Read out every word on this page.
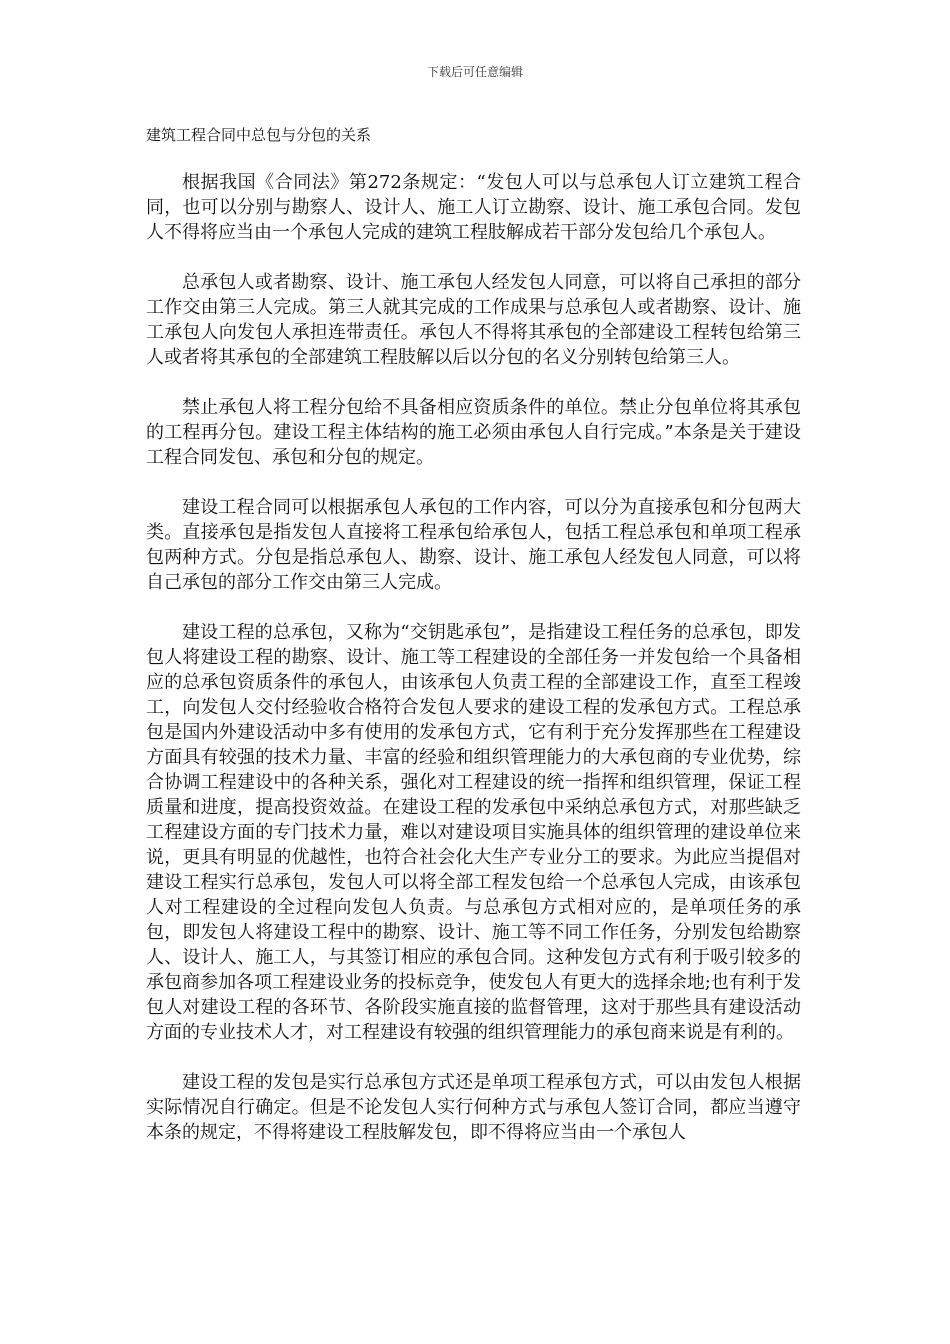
下载后可任意编辑
建筑工程合同中总包与分包的关系

根据我国《合同法》第272条规定：“发包人可以与总承包人订立建筑工程合同，也可以分别与勘察人、设计人、施工人订立勘察、设计、施工承包合同。发包人不得将应当由一个承包人完成的建筑工程肢解成若干部分发包给几个承包人。

总承包人或者勘察、设计、施工承包人经发包人同意，可以将自己承担的部分工作交由第三人完成。第三人就其完成的工作成果与总承包人或者勘察、设计、施工承包人向发包人承担连带责任。承包人不得将其承包的全部建设工程转包给第三人或者将其承包的全部建筑工程肢解以后以分包的名义分别转包给第三人。

禁止承包人将工程分包给不具备相应资质条件的单位。禁止分包单位将其承包的工程再分包。建设工程主体结构的施工必须由承包人自行完成。”本条是关于建设工程合同发包、承包和分包的规定。

建设工程合同可以根据承包人承包的工作内容，可以分为直接承包和分包两大类。直接承包是指发包人直接将工程承包给承包人，包括工程总承包和单项工程承包两种方式。分包是指总承包人、勘察、设计、施工承包人经发包人同意，可以将自己承包的部分工作交由第三人完成。

建设工程的总承包，又称为“交钥匙承包”，是指建设工程任务的总承包，即发包人将建设工程的勘察、设计、施工等工程建设的全部任务一并发包给一个具备相应的总承包资质条件的承包人，由该承包人负责工程的全部建设工作，直至工程竣工，向发包人交付经验收合格符合发包人要求的建设工程的发承包方式。工程总承包是国内外建设活动中多有使用的发承包方式，它有利于充分发挥那些在工程建设方面具有较强的技术力量、丰富的经验和组织管理能力的大承包商的专业优势，综合协调工程建设中的各种关系，强化对工程建设的统一指挥和组织管理，保证工程质量和进度，提高投资效益。在建设工程的发承包中采纳总承包方式，对那些缺乏工程建设方面的专门技术力量，难以对建设项目实施具体的组织管理的建设单位来说，更具有明显的优越性，也符合社会化大生产专业分工的要求。为此应当提倡对建设工程实行总承包，发包人可以将全部工程发包给一个总承包人完成，由该承包人对工程建设的全过程向发包人负责。与总承包方式相对应的，是单项任务的承包，即发包人将建设工程中的勘察、设计、施工等不同工作任务，分别发包给勘察人、设计人、施工人，与其签订相应的承包合同。这种发包方式有利于吸引较多的承包商参加各项工程建设业务的投标竞争，使发包人有更大的选择余地;也有利于发包人对建设工程的各环节、各阶段实施直接的监督管理，这对于那些具有建设活动方面的专业技术人才，对工程建设有较强的组织管理能力的承包商来说是有利的。

建设工程的发包是实行总承包方式还是单项工程承包方式，可以由发包人根据实际情况自行确定。但是不论发包人实行何种方式与承包人签订合同，都应当遵守本条的规定，不得将建设工程肢解发包，即不得将应当由一个承包人
